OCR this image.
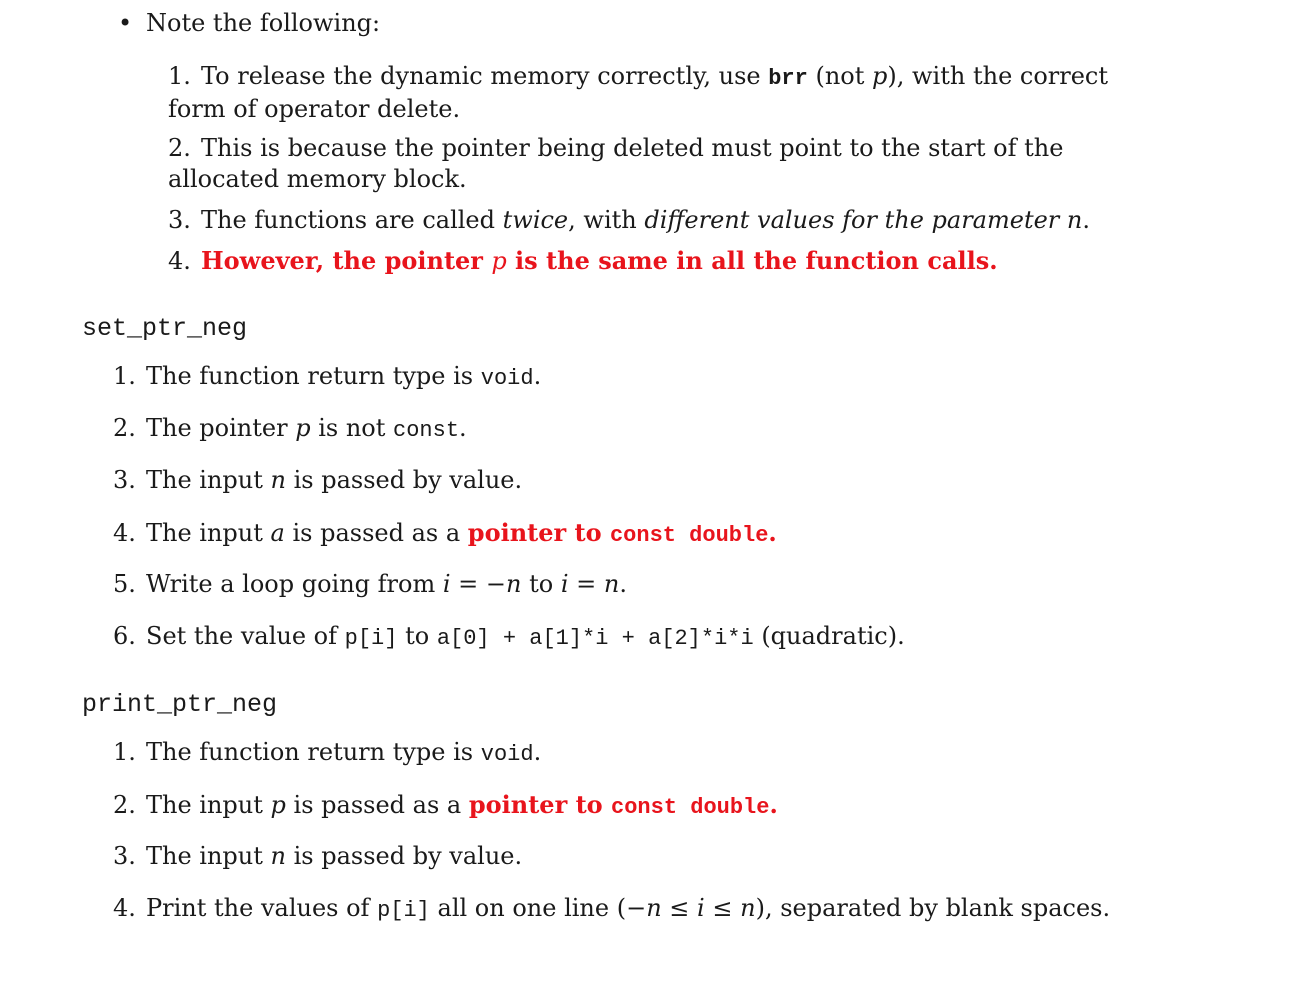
• Note the following:
1. To release the dynamic memory correctly, use brr (not p), with the correct form of operator delete.
2. This is because the pointer being deleted must point to the start of the allocated memory block.
3. The functions are called twice, with different values for the parameter n.
4. However, the pointer p is the same in all the function calls.
set_ptr_neg
1. The function return type is void.
2. The pointer p is not const.
3. The input n is passed by value.
4. The input a is passed as a pointer to const double.
5. Write a loop going from i = −n to i = n.
6. Set the value of p[i] to a[0] + a[1]*i + a[2]*i*i (quadratic).
print_ptr_neg
1. The function return type is void.
2. The input p is passed as a pointer to const double.
3. The input n is passed by value.
4. Print the values of p[i] all on one line (−n ≤ i ≤ n), separated by blank spaces.
